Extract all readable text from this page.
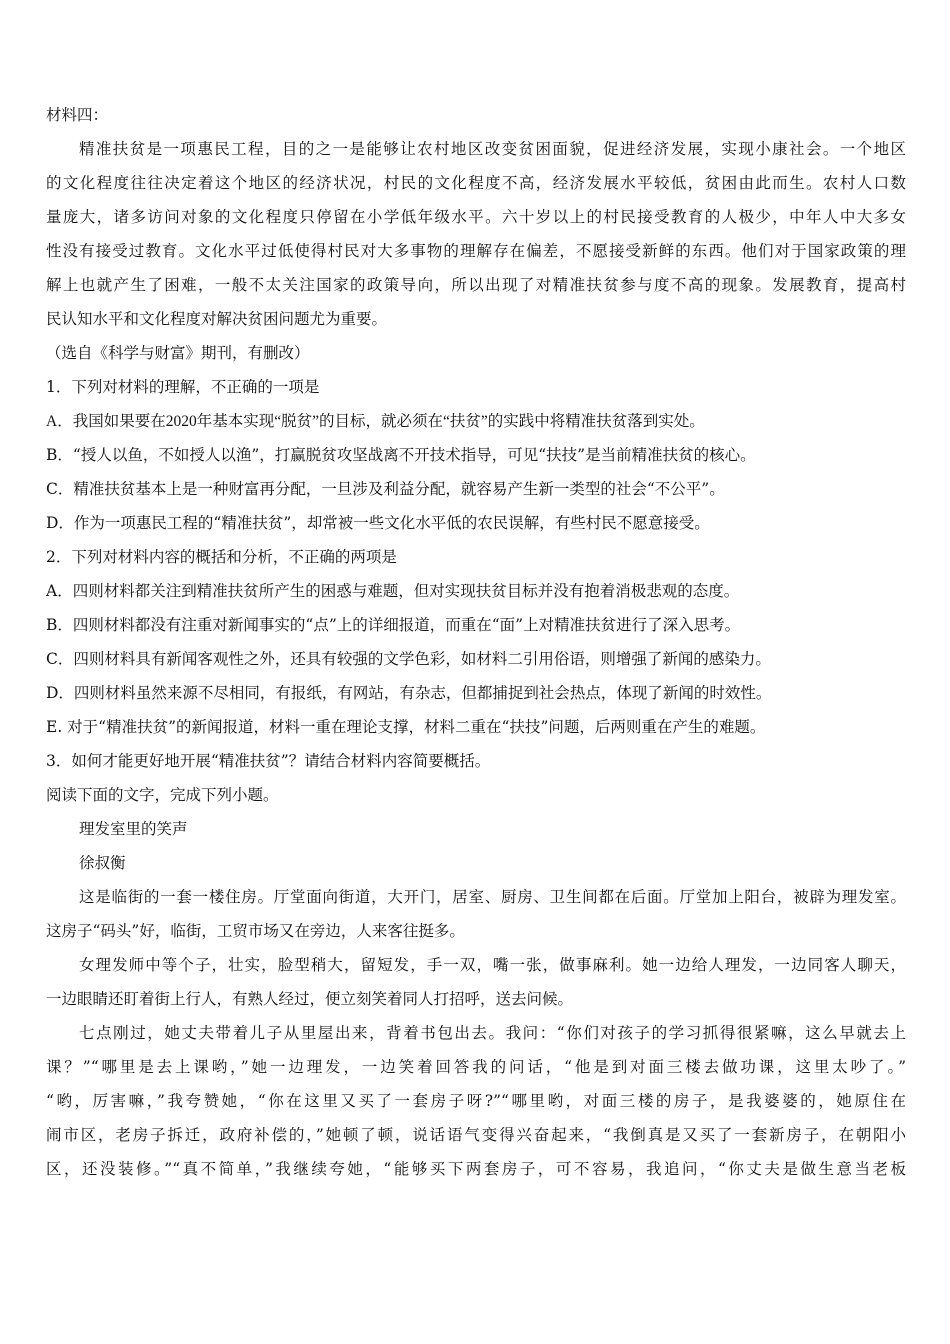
材料四：
精准扶贫是一项惠民工程，目的之一是能够让农村地区改变贫困面貌，促进经济发展，实现小康社会。一个地区
的文化程度往往决定着这个地区的经济状况，村民的文化程度不高，经济发展水平较低，贫困由此而生。农村人口数
量庞大，诸多访问对象的文化程度只停留在小学低年级水平。六十岁以上的村民接受教育的人极少，中年人中大多女
性没有接受过教育。文化水平过低使得村民对大多事物的理解存在偏差，不愿接受新鲜的东西。他们对于国家政策的理
解上也就产生了困难，一般不太关注国家的政策导向，所以出现了对精准扶贫参与度不高的现象。发展教育，提高村
民认知水平和文化程度对解决贫困问题尤为重要。
（选自《科学与财富》期刊，有删改）
1．下列对材料的理解，不正确的一项是
A．我国如果要在2020年基本实现“脱贫”的目标，就必须在“扶贫”的实践中将精准扶贫落到实处。
B．“授人以鱼，不如授人以渔”，打赢脱贫攻坚战离不开技术指导，可见“扶技”是当前精准扶贫的核心。
C．精准扶贫基本上是一种财富再分配，一旦涉及利益分配，就容易产生新一类型的社会“不公平”。
D．作为一项惠民工程的“精准扶贫”，却常被一些文化水平低的农民误解，有些村民不愿意接受。
2．下列对材料内容的概括和分析，不正确的两项是
A．四则材料都关注到精准扶贫所产生的困惑与难题，但对实现扶贫目标并没有抱着消极悲观的态度。
B．四则材料都没有注重对新闻事实的“点”上的详细报道，而重在“面”上对精准扶贫进行了深入思考。
C．四则材料具有新闻客观性之外，还具有较强的文学色彩，如材料二引用俗语，则增强了新闻的感染力。
D．四则材料虽然来源不尽相同，有报纸，有网站，有杂志，但都捕捉到社会热点，体现了新闻的时效性。
E. 对于“精准扶贫”的新闻报道，材料一重在理论支撑，材料二重在“扶技”问题，后两则重在产生的难题。
3．如何才能更好地开展“精准扶贫”？请结合材料内容简要概括。
阅读下面的文字，完成下列小题。
理发室里的笑声
徐叔衡
这是临街的一套一楼住房。厅堂面向街道，大开门，居室、厨房、卫生间都在后面。厅堂加上阳台，被辟为理发室。
这房子“码头”好，临街，工贸市场又在旁边，人来客往挺多。
女理发师中等个子，壮实，脸型稍大，留短发，手一双，嘴一张，做事麻利。她一边给人理发，一边同客人聊天，
一边眼睛还盯着街上行人，有熟人经过，便立刻笑着同人打招呼，送去问候。
七点刚过，她丈夫带着儿子从里屋出来，背着书包出去。我问：“你们对孩子的学习抓得很紧嘛，这么早就去上
课？”“哪里是去上课哟，”她一边理发，一边笑着回答我的问话，“他是到对面三楼去做功课，这里太吵了。”
“哟，厉害嘛，”我夸赞她，“你在这里又买了一套房子呀?”“哪里哟，对面三楼的房子，是我婆婆的，她原住在
闹市区，老房子拆迁，政府补偿的，”她顿了顿，说话语气变得兴奋起来，“我倒真是又买了一套新房子，在朝阳小
区，还没装修。”“真不简单，”我继续夸她，“能够买下两套房子，可不容易，我追问，“你丈夫是做生意当老板
